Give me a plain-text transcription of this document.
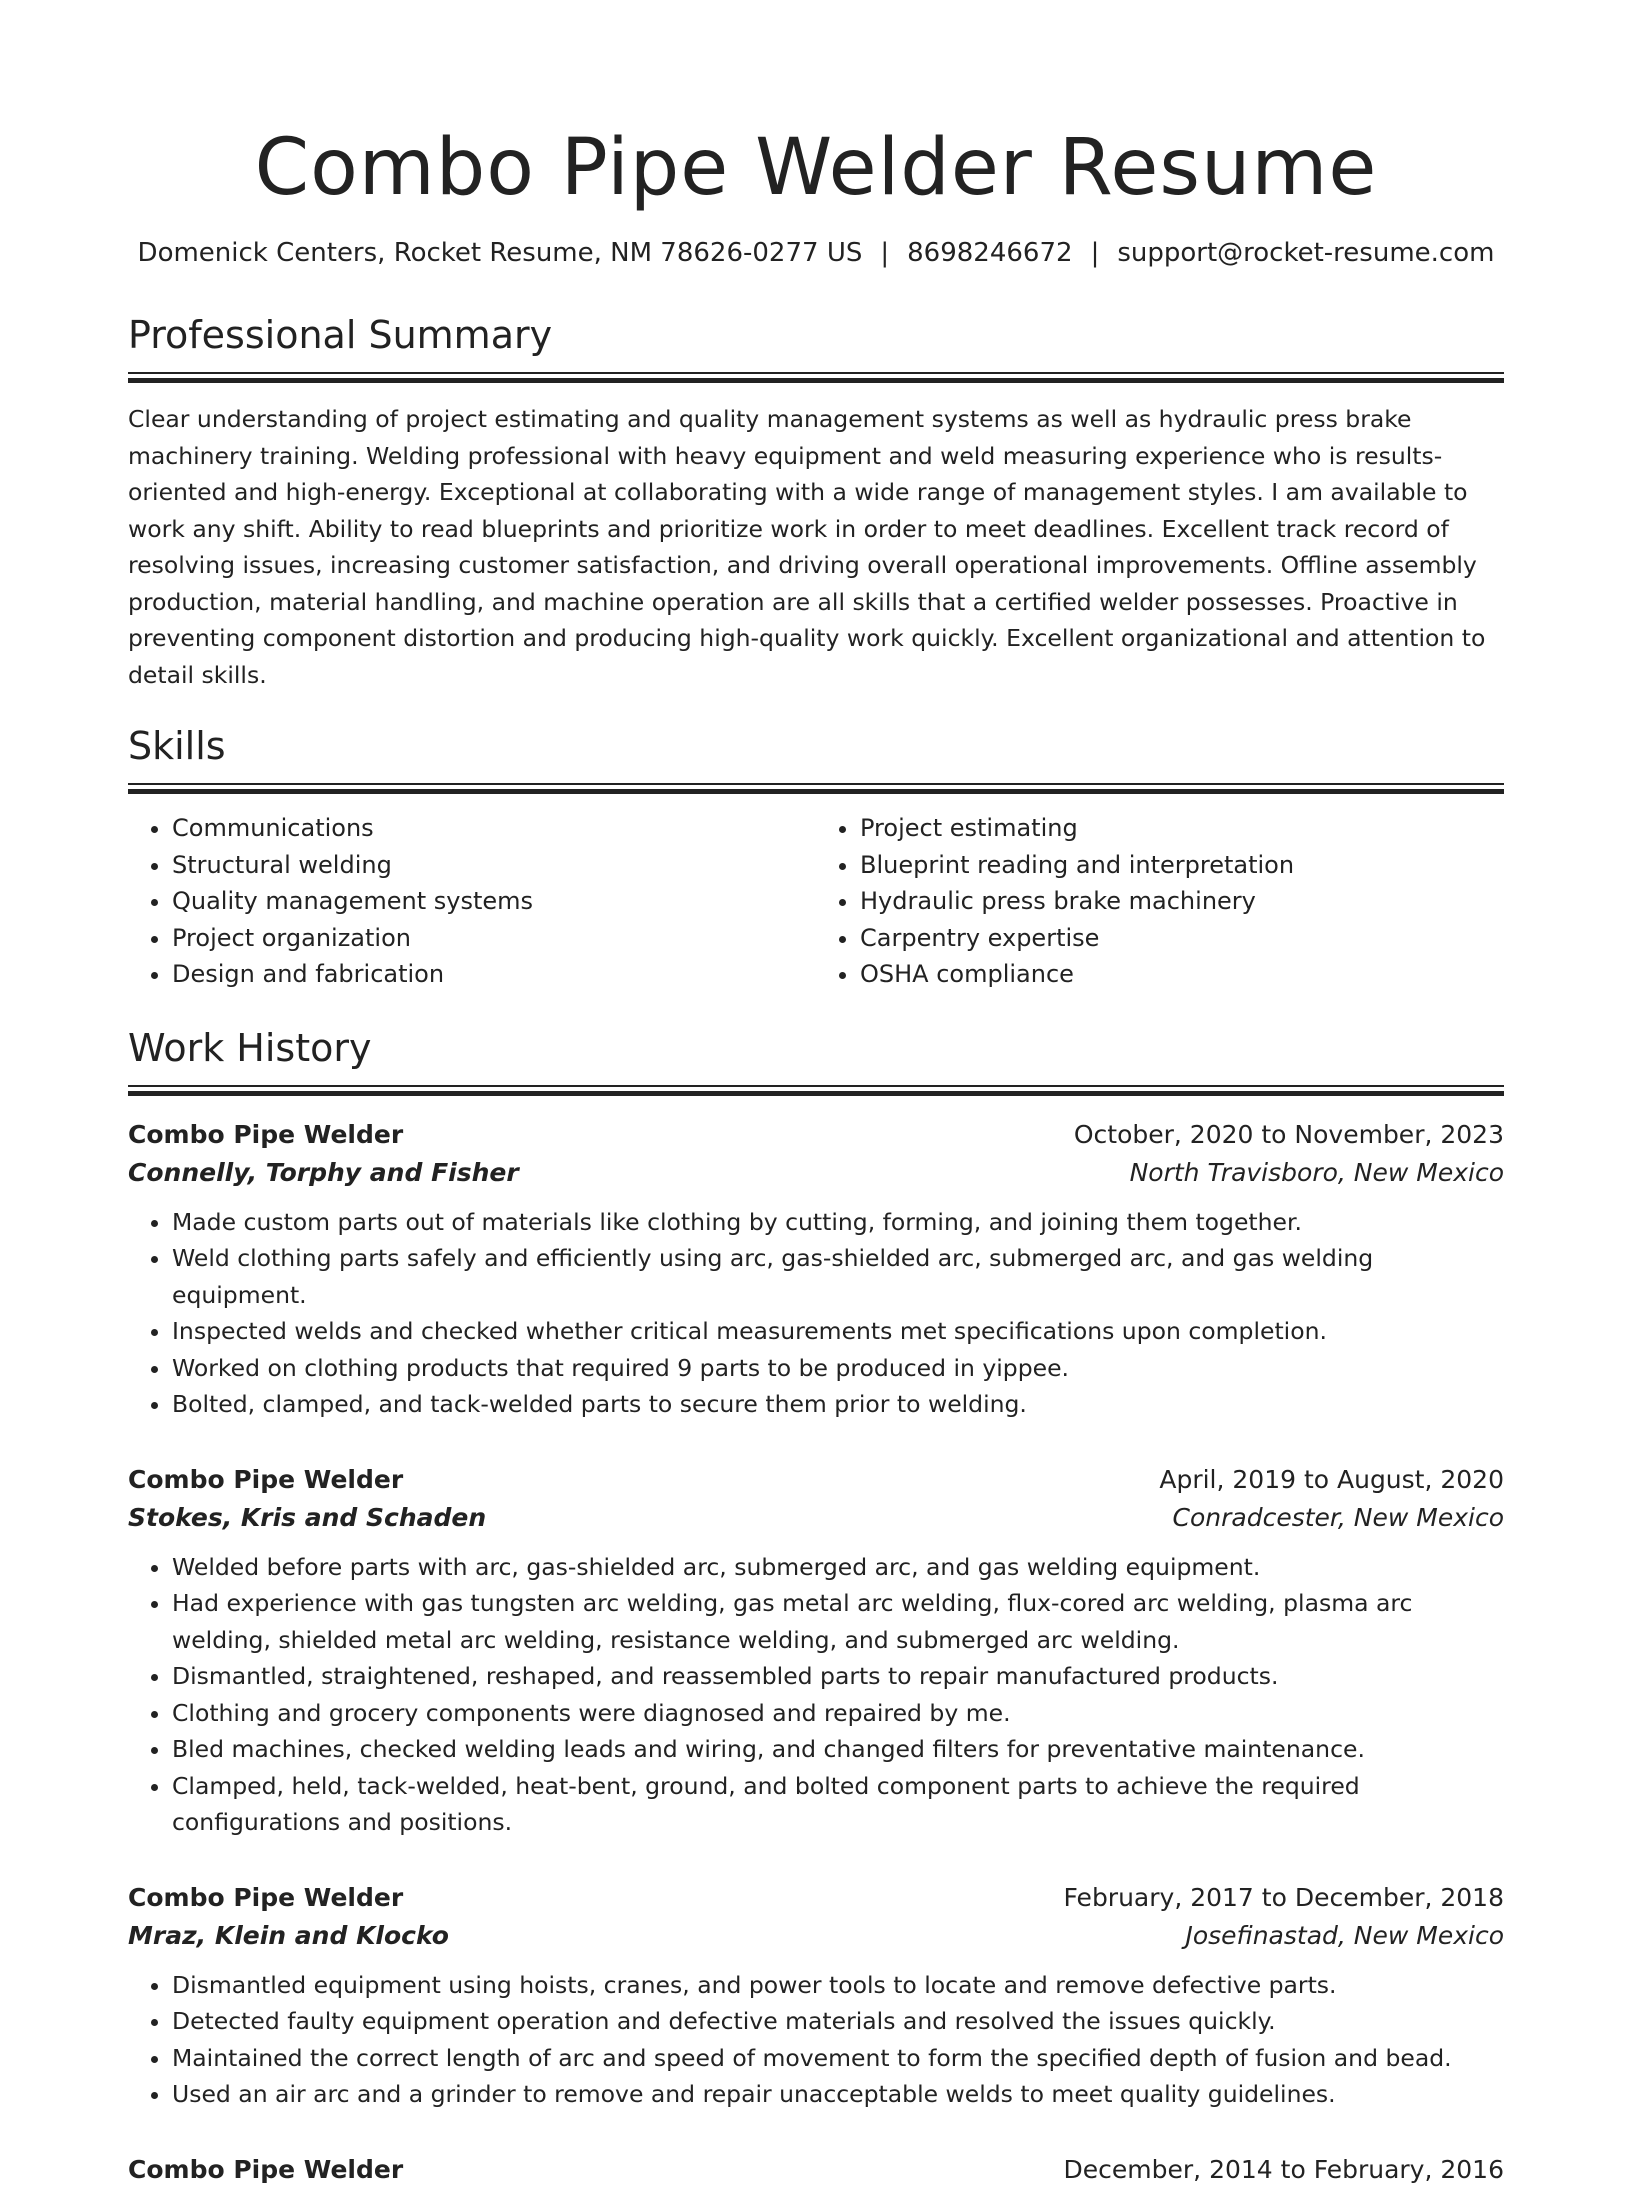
Combo Pipe Welder Resume
Domenick Centers, Rocket Resume, NM 78626-0277 US | 8698246672 | support@rocket-resume.com
Professional Summary

Clear understanding of project estimating and quality management systems as well as hydraulic press brake machinery training. Welding professional with heavy equipment and weld measuring experience who is results-oriented and high-energy. Exceptional at collaborating with a wide range of management styles. I am available to work any shift. Ability to read blueprints and prioritize work in order to meet deadlines. Excellent track record of resolving issues, increasing customer satisfaction, and driving overall operational improvements. Offline assembly production, material handling, and machine operation are all skills that a certified welder possesses. Proactive in preventing component distortion and producing high-quality work quickly. Excellent organizational and attention to detail skills.

Skills
• Communications
• Structural welding
• Quality management systems
• Project organization
• Design and fabrication
• Project estimating
• Blueprint reading and interpretation
• Hydraulic press brake machinery
• Carpentry expertise
• OSHA compliance
Work History
Combo Pipe Welder	October, 2020 to November, 2023
Connelly, Torphy and Fisher	North Travisboro, New Mexico
• Made custom parts out of materials like clothing by cutting, forming, and joining them together.
• Weld clothing parts safely and efficiently using arc, gas-shielded arc, submerged arc, and gas welding equipment.
• Inspected welds and checked whether critical measurements met specifications upon completion.
• Worked on clothing products that required 9 parts to be produced in yippee.
• Bolted, clamped, and tack-welded parts to secure them prior to welding.
Combo Pipe Welder	April, 2019 to August, 2020
Stokes, Kris and Schaden	Conradcester, New Mexico
• Welded before parts with arc, gas-shielded arc, submerged arc, and gas welding equipment.
• Had experience with gas tungsten arc welding, gas metal arc welding, flux-cored arc welding, plasma arc welding, shielded metal arc welding, resistance welding, and submerged arc welding.
• Dismantled, straightened, reshaped, and reassembled parts to repair manufactured products.
• Clothing and grocery components were diagnosed and repaired by me.
• Bled machines, checked welding leads and wiring, and changed filters for preventative maintenance.
• Clamped, held, tack-welded, heat-bent, ground, and bolted component parts to achieve the required configurations and positions.
Combo Pipe Welder	February, 2017 to December, 2018
Mraz, Klein and Klocko	Josefinastad, New Mexico
• Dismantled equipment using hoists, cranes, and power tools to locate and remove defective parts.
• Detected faulty equipment operation and defective materials and resolved the issues quickly.
• Maintained the correct length of arc and speed of movement to form the specified depth of fusion and bead.
• Used an air arc and a grinder to remove and repair unacceptable welds to meet quality guidelines.
Combo Pipe Welder	December, 2014 to February, 2016
